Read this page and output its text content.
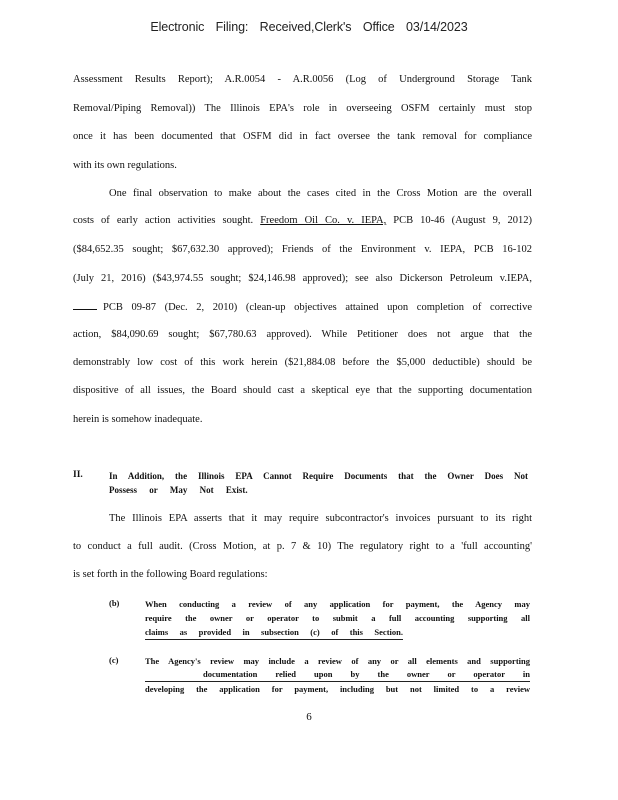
Electronic Filing: Received,Clerk's Office 03/14/2023
Assessment Results Report); A.R.0054 - A.R.0056 (Log of Underground Storage Tank
Removal/Piping Removal)) The Illinois EPA's role in overseeing OSFM certainly must stop
once it has been documented that OSFM did in fact oversee the tank removal for compliance
with its own regulations.
One final observation to make about the cases cited in the Cross Motion are the overall
costs of early action activities sought. Freedom Oil Co. v. IEPA, PCB 10-46 (August 9, 2012)
($84,652.35 sought; $67,632.30 approved); Friends of the Environment v. IEPA, PCB 16-102
(July 21, 2016) ($43,974.55 sought; $24,146.98 approved); see also Dickerson Petroleum v.IEPA,
PCB 09-87 (Dec. 2, 2010) (clean-up objectives attained upon completion of corrective
action, $84,090.69 sought; $67,780.63 approved). While Petitioner does not argue that the
demonstrably low cost of this work herein ($21,884.08 before the $5,000 deductible) should be
dispositive of all issues, the Board should cast a skeptical eye that the supporting documentation
herein is somehow inadequate.
II.	In Addition, the Illinois EPA Cannot Require Documents that the Owner Does Not
Possess or May Not Exist.
The Illinois EPA asserts that it may require subcontractor's invoices pursuant to its right
to conduct a full audit. (Cross Motion, at p. 7 & 10) The regulatory right to a 'full accounting'
is set forth in the following Board regulations:
(b)	When conducting a review of any application for payment, the Agency may
require the owner or operator to submit a full accounting supporting all
claims as provided in subsection (c) of this Section.
(c)	The Agency's review may include a review of any or all elements and supporting
documentation relied upon by the owner or operator in
developing the application for payment, including but not limited to a review
6
